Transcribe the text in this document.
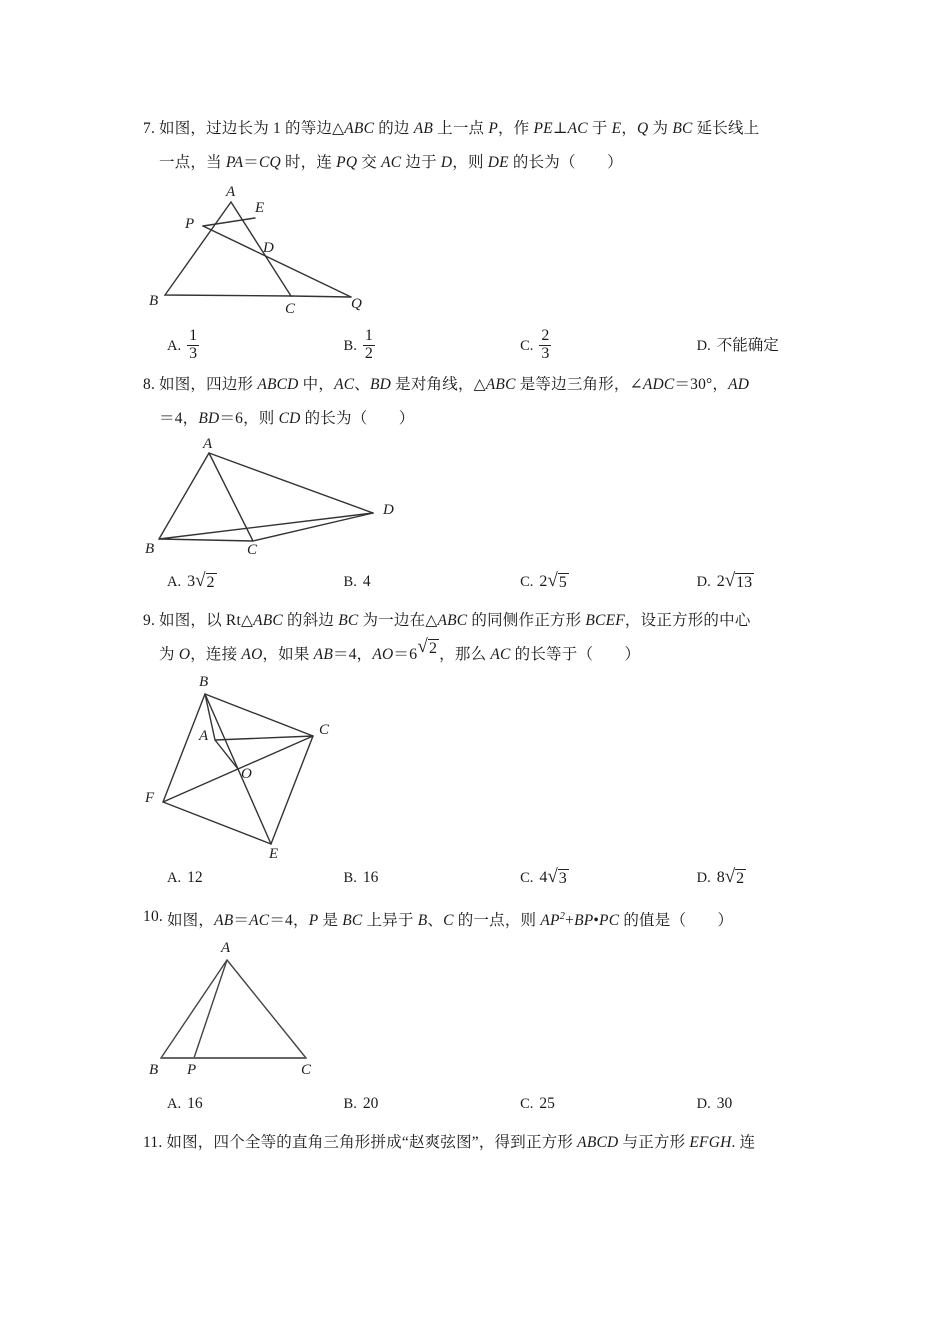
7. 如图，过边长为 1 的等边△ABC 的边 AB 上一点 P，作 PE⊥AC 于 E，Q 为 BC 延长线上
一点，当 PA＝CQ 时，连 PQ 交 AC 边于 D，则 DE 的长为（　　）
A
E
P
D
B	C	Q
A. $\frac{1}{3}$	B. $\frac{1}{2}$	C. $\frac{2}{3}$	D. 不能确定
8. 如图，四边形 ABCD 中，AC、BD 是对角线，△ABC 是等边三角形，∠ADC＝30°，AD
＝4，BD＝6，则 CD 的长为（　　）
A
B	C
D
A. 3 √ 2	B. 4	C. 2 √ 5	D. 2 √ 13
9. 如图，以 Rt△ABC 的斜边 BC 为一边在△ABC 的同侧作正方形 BCEF，设正方形的中心
为 O，连接 AO，如果 AB＝4，AO＝ 6 √ 2 ，那么 AC 的长等于（　　）
B
A	C
O
F
E
A. 12	B. 16	C. 4 √ 3	D. 8 √ 2
10. 如图，AB＝AC＝4，P 是 BC 上异于 B、C 的一点，则 $AP^2+BP•PC$ 的值是（　　）
A
B P	C
A. 16	B. 20	C. 25	D. 30
11. 如图，四个全等的直角三角形拼成“赵爽弦图”，得到正方形 ABCD 与正方形 EFGH. 连
